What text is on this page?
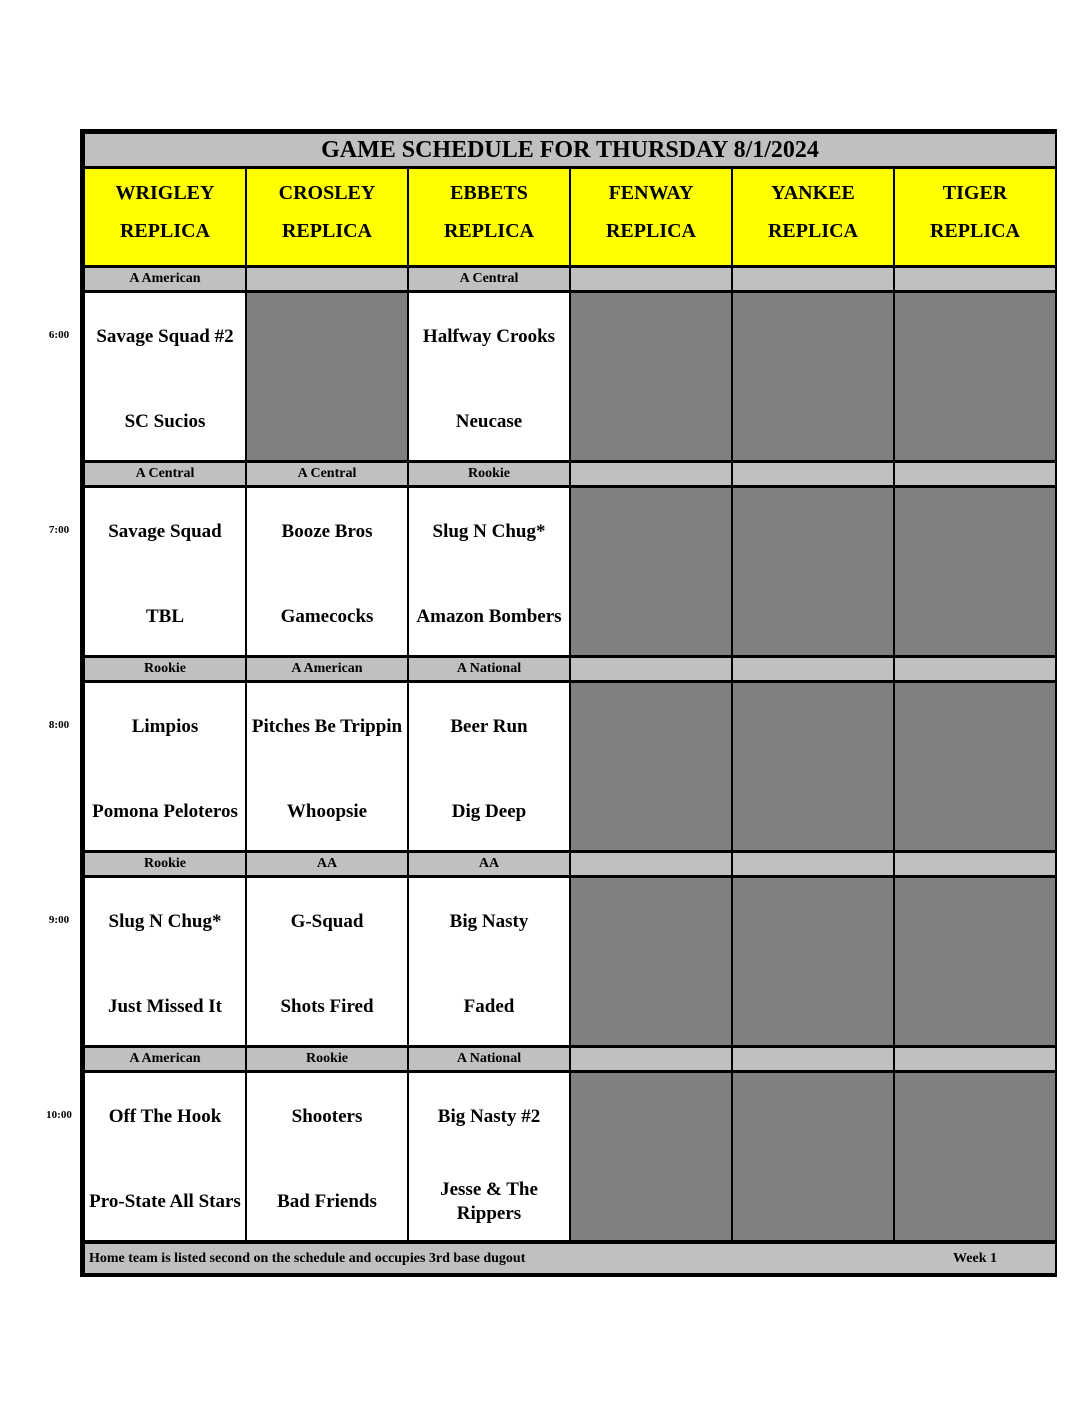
GAME SCHEDULE FOR THURSDAY 8/1/2024
Home team is listed second on the schedule and occupies 3rd base dugout	Week 1
WRIGLEY
REPLICA
CROSLEY
REPLICA
EBBETS
REPLICA
FENWAY
REPLICA
YANKEE
REPLICA
TIGER
REPLICA
A American
Savage Squad #2
SC Sucios
A Central
Halfway Crooks
Neucase
A Central
Savage Squad
TBL
A Central
Booze Bros
Gamecocks
Rookie
Slug N Chug*
Amazon Bombers
Rookie
Limpios
Pomona Peloteros
A American
Pitches Be Trippin
Whoopsie
A National
Beer Run
Dig Deep
Rookie
Slug N Chug*
Just Missed It
AA
G-Squad
Shots Fired
AA
Big Nasty
Faded
A American
Off The Hook
Pro-State All Stars
Rookie
Shooters
Bad Friends
A National
Big Nasty #2
Jesse & The Rippers
6:00
7:00
8:00
9:00
10:00
